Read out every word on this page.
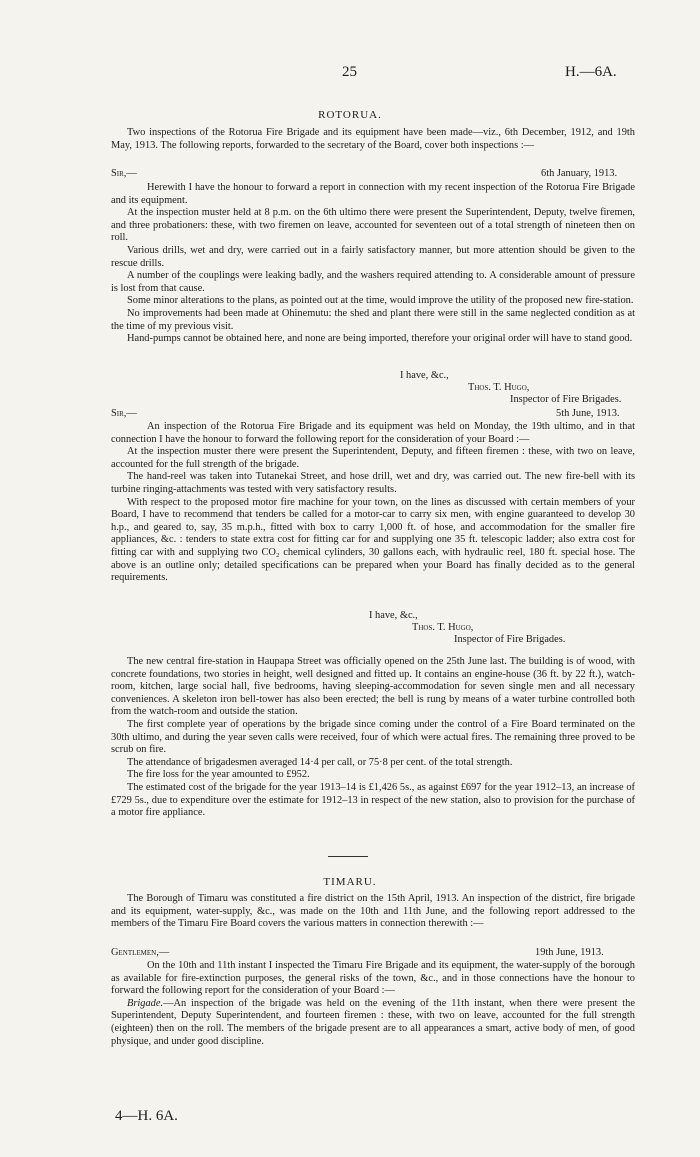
25	H.—6A.
ROTORUA.

Two inspections of the Rotorua Fire Brigade and its equipment have been made—viz., 6th December, 1912, and 19th May, 1913. The following reports, forwarded to the secretary of the Board, cover both inspections :—

Sir,—	6th January, 1913.

Herewith I have the honour to forward a report in connection with my recent inspection of the Rotorua Fire Brigade and its equipment.

At the inspection muster held at 8 p.m. on the 6th ultimo there were present the Superintendent, Deputy, twelve firemen, and three probationers: these, with two firemen on leave, accounted for seventeen out of a total strength of nineteen then on roll.

Various drills, wet and dry, were carried out in a fairly satisfactory manner, but more attention should be given to the rescue drills.

A number of the couplings were leaking badly, and the washers required attending to. A considerable amount of pressure is lost from that cause.

Some minor alterations to the plans, as pointed out at the time, would improve the utility of the proposed new fire-station.

No improvements had been made at Ohinemutu: the shed and plant there were still in the same neglected condition as at the time of my previous visit.

Hand-pumps cannot be obtained here, and none are being imported, therefore your original order will have to stand good.

I have, &c.,
Thos. T. Hugo,
Inspector of Fire Brigades.
Sir,—	5th June, 1913.

An inspection of the Rotorua Fire Brigade and its equipment was held on Monday, the 19th ultimo, and in that connection I have the honour to forward the following report for the consideration of your Board :—

At the inspection muster there were present the Superintendent, Deputy, and fifteen firemen : these, with two on leave, accounted for the full strength of the brigade.

The hand-reel was taken into Tutanekai Street, and hose drill, wet and dry, was carried out. The new fire-bell with its turbine ringing-attachments was tested with very satisfactory results.

With respect to the proposed motor fire machine for your town, on the lines as discussed with certain members of your Board, I have to recommend that tenders be called for a motor-car to carry six men, with engine guaranteed to develop 30 h.p., and geared to, say, 35 m.p.h., fitted with box to carry 1,000 ft. of hose, and accommodation for the smaller fire appliances, &c. : tenders to state extra cost for fitting car for and supplying one 35 ft. telescopic ladder; also extra cost for fitting car with and supplying two CO₂ chemical cylinders, 30 gallons each, with hydraulic reel, 180 ft. special hose. The above is an outline only; detailed specifications can be prepared when your Board has finally decided as to the general requirements.

I have, &c.,
Thos. T. Hugo,
Inspector of Fire Brigades.

The new central fire-station in Haupapa Street was officially opened on the 25th June last. The building is of wood, with concrete foundations, two stories in height, well designed and fitted up. It contains an engine-house (36 ft. by 22 ft.), watch-room, kitchen, large social hall, five bedrooms, having sleeping-accommodation for seven single men and all necessary conveniences. A skeleton iron bell-tower has also been erected; the bell is rung by means of a water turbine controlled both from the watch-room and outside the station.

The first complete year of operations by the brigade since coming under the control of a Fire Board terminated on the 30th ultimo, and during the year seven calls were received, four of which were actual fires. The remaining three proved to be scrub on fire.

The attendance of brigadesmen averaged 14·4 per call, or 75·8 per cent. of the total strength.

The fire loss for the year amounted to £952.

The estimated cost of the brigade for the year 1913–14 is £1,426 5s., as against £697 for the year 1912–13, an increase of £729 5s., due to expenditure over the estimate for 1912–13 in respect of the new station, also to provision for the purchase of a motor fire appliance.

TIMARU.

The Borough of Timaru was constituted a fire district on the 15th April, 1913. An inspection of the district, fire brigade and its equipment, water-supply, &c., was made on the 10th and 11th June, and the following report addressed to the members of the Timaru Fire Board covers the various matters in connection therewith :—

Gentlemen,—	19th June, 1913.

On the 10th and 11th instant I inspected the Timaru Fire Brigade and its equipment, the water-supply of the borough as available for fire-extinction purposes, the general risks of the town, &c., and in those connections have the honour to forward the following report for the consideration of your Board :—

Brigade.—An inspection of the brigade was held on the evening of the 11th instant, when there were present the Superintendent, Deputy Superintendent, and fourteen firemen : these, with two on leave, accounted for the full strength (eighteen) then on the roll. The members of the brigade present are to all appearances a smart, active body of men, of good physique, and under good discipline.

4—H. 6A.
